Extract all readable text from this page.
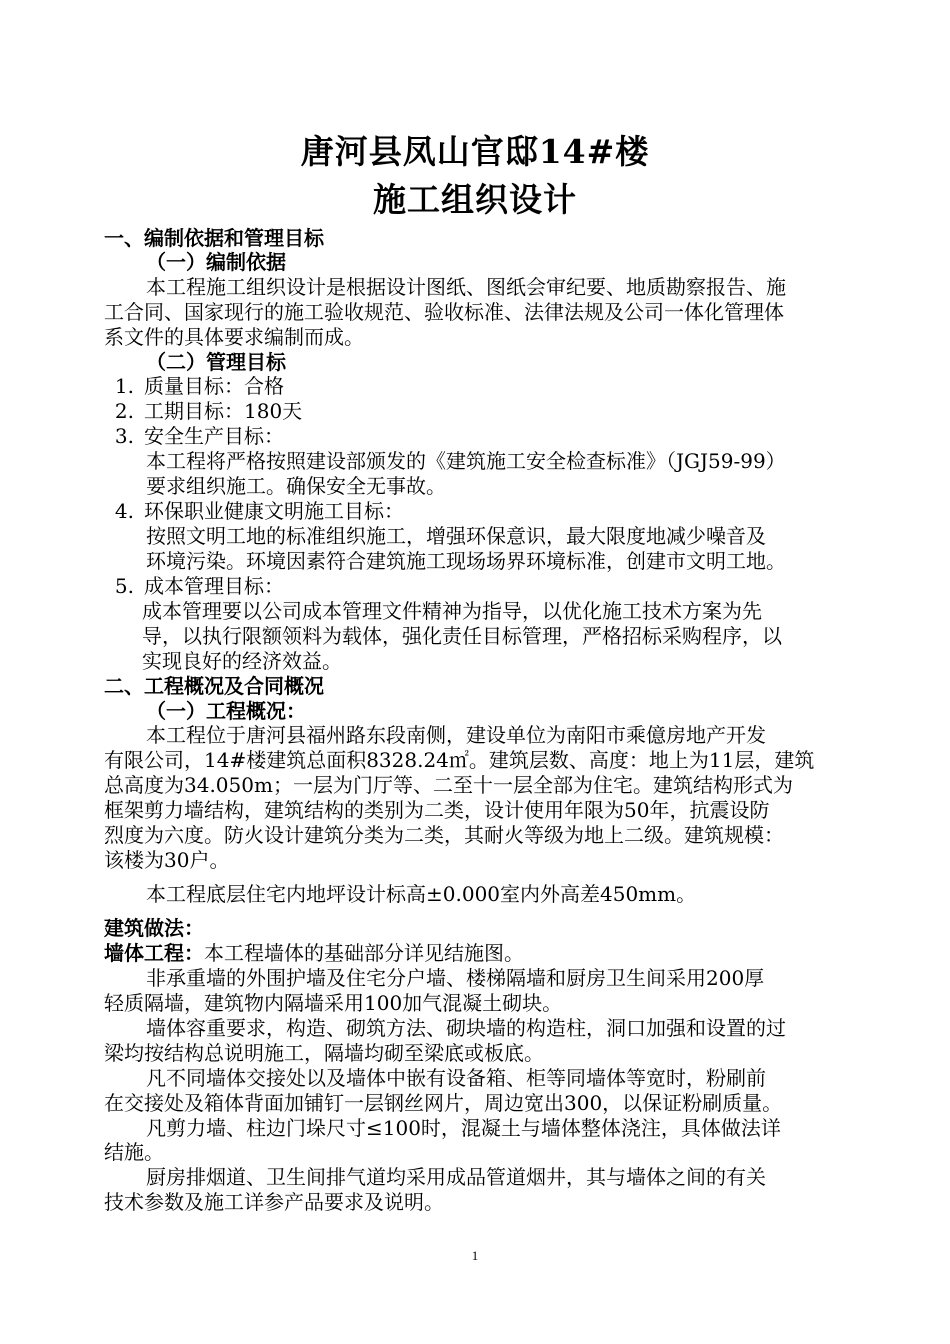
唐河县凤山官邸14#楼
施工组织设计
一、编制依据和管理目标
（一）编制依据
本工程施工组织设计是根据设计图纸、图纸会审纪要、地质勘察报告、施
工合同、国家现行的施工验收规范、验收标准、法律法规及公司一体化管理体
系文件的具体要求编制而成。
（二）管理目标
1. 质量目标：合格
2. 工期目标：180天
3. 安全生产目标：
本工程将严格按照建设部颁发的《建筑施工安全检查标准》（JGJ59-99）
要求组织施工。确保安全无事故。
4. 环保职业健康文明施工目标：
按照文明工地的标准组织施工，增强环保意识，最大限度地减少噪音及
环境污染。环境因素符合建筑施工现场场界环境标准，创建市文明工地。
5. 成本管理目标：
成本管理要以公司成本管理文件精神为指导，以优化施工技术方案为先
导，以执行限额领料为载体，强化责任目标管理，严格招标采购程序，以
实现良好的经济效益。
二、工程概况及合同概况
（一）工程概况：
本工程位于唐河县福州路东段南侧，建设单位为南阳市乘億房地产开发
有限公司，14#楼建筑总面积8328.24㎡。建筑层数、高度：地上为11层，建筑
总高度为34.050m；一层为门厅等、二至十一层全部为住宅。建筑结构形式为
框架剪力墙结构，建筑结构的类别为二类，设计使用年限为50年，抗震设防
烈度为六度。防火设计建筑分类为二类，其耐火等级为地上二级。建筑规模：
该楼为30户。
本工程底层住宅内地坪设计标高±0.000室内外高差450mm。
建筑做法：
墙体工程：本工程墙体的基础部分详见结施图。
非承重墙的外围护墙及住宅分户墙、楼梯隔墙和厨房卫生间采用200厚
轻质隔墙，建筑物内隔墙采用100加气混凝土砌块。
墙体容重要求，构造、砌筑方法、砌块墙的构造柱，洞口加强和设置的过
梁均按结构总说明施工，隔墙均砌至梁底或板底。
凡不同墙体交接处以及墙体中嵌有设备箱、柜等同墙体等宽时，粉刷前
在交接处及箱体背面加铺钉一层钢丝网片，周边宽出300，以保证粉刷质量。
凡剪力墙、柱边门垛尺寸≤100时，混凝土与墙体整体浇注，具体做法详
结施。
厨房排烟道、卫生间排气道均采用成品管道烟井，其与墙体之间的有关
技术参数及施工详参产品要求及说明。
1
